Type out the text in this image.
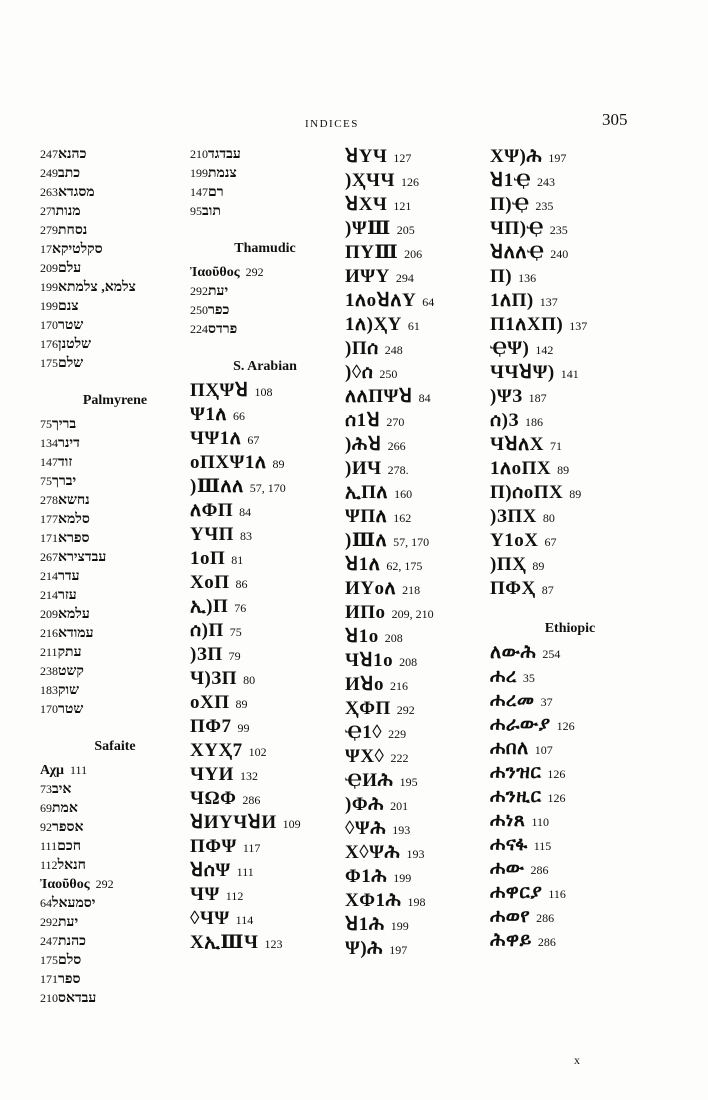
INDICES	305
כהנא247
כתב249
מסגדא263
מנותו27
נסחת279
סקלטיקא17
עלם209
צלמא, צלמתא199
צנם199
שטר170
שלטנן176
שלם175
Palmyrene
בריך75
דינר134
זוד147
יברך75
נחשא278
סלמא177
ספרא171
עבדצירא267
עדר214
עזר214
עלמא209
עמודא216
עתק211
קשט238
שוק183
שטר170
Safaite
Αχμ 111
איב73
אמת69
אספר92
חכם111
חנאל112
Ἰαοῦθος 292
יסמעאל64
יעת292
כהנת247
סלם175
ספר171
עבדאס210
עבדגד210
צנמת199
רם147
תוב95
Thamudic
Ἰαοῦθος 292
יעת292
כפר250
פרדס224
S. Arabian
ПҲΨꓤ 108
Ψ1ለ 66
ЧΨ1ለ 67
οПХΨ1ለ 89
)Ⅲለለ 57, 170
ለΦП 84
ҮЧП 83
1οП 81
ХοП 86
ኢ)П 76
ሰ)П 75
)ЗП 79
Ч)ЗП 80
οХП 89
ПΦ7 99
ХҮҲ7 102
ЧҮИ 132
ЧΩΦ 286
ꓤИҮЧꓤИ 109
ПΦΨ 117
ꓤሰΨ 111
ЧΨ 112
◊ЧΨ 114
ХኢⅢЧ 123
ꓤҮЧ 127
)ҲЧЧ 126
ꓤХЧ 121
)ΨⅢ 205
ПҮⅢ 206
ИΨҮ 294
1ለοꓤለҮ 64
1ለ)ҲҮ 61
)Пሰ 248
)◊ሰ 250
ለለПΨꓤ 84
ሰ1ꓤ 270
)ሕꓤ 266
)ИЧ 278.
ኢПለ 160
ΨПለ 162
)Ⅲለ 57, 170
ꓤ1ለ 62, 175
ИҮοለ 218
ИПο 209, 210
ꓤ1ο 208
Чꓤ1ο 208
Иꓤο 216
ҲΦП 292
Ҿ1◊ 229
ΨХ◊ 222
ҾИሕ 195
)Φሕ 201
◊Ψሕ 193
Х◊Ψሕ 193
Φ1ሕ 199
ХΦ1ሕ 198
ꓤ1ሕ 199
Ψ)ሕ 197
ХΨ)ሕ 197
ꓤ1Ҿ 243
П)Ҿ 235
ЧП)Ҿ 235
ꓤለለҾ 240
П) 136
1ለП) 137
П1ለХП) 137
ҾΨ) 142
ЧЧꓤΨ) 141
)ΨЗ 187
ሰ)З 186
ЧꓤለХ 71
1ለοПХ 89
П)ሰοПХ 89
)ЗПХ 80
Ү1οХ 67
)ПҲ 89
ПΦҲ 87
Ethiopic
ለውሕ 254
ሐረ 35
ሐረመ 37
ሐራውያ 126
ሐበለ 107
ሐንዝር 126
ሐንዚር 126
ሐነጸ 110
ሐናፋ 115
ሐው 286
ሐዋርያ 116
ሐወየ 286
ሕዋይ 286
x
